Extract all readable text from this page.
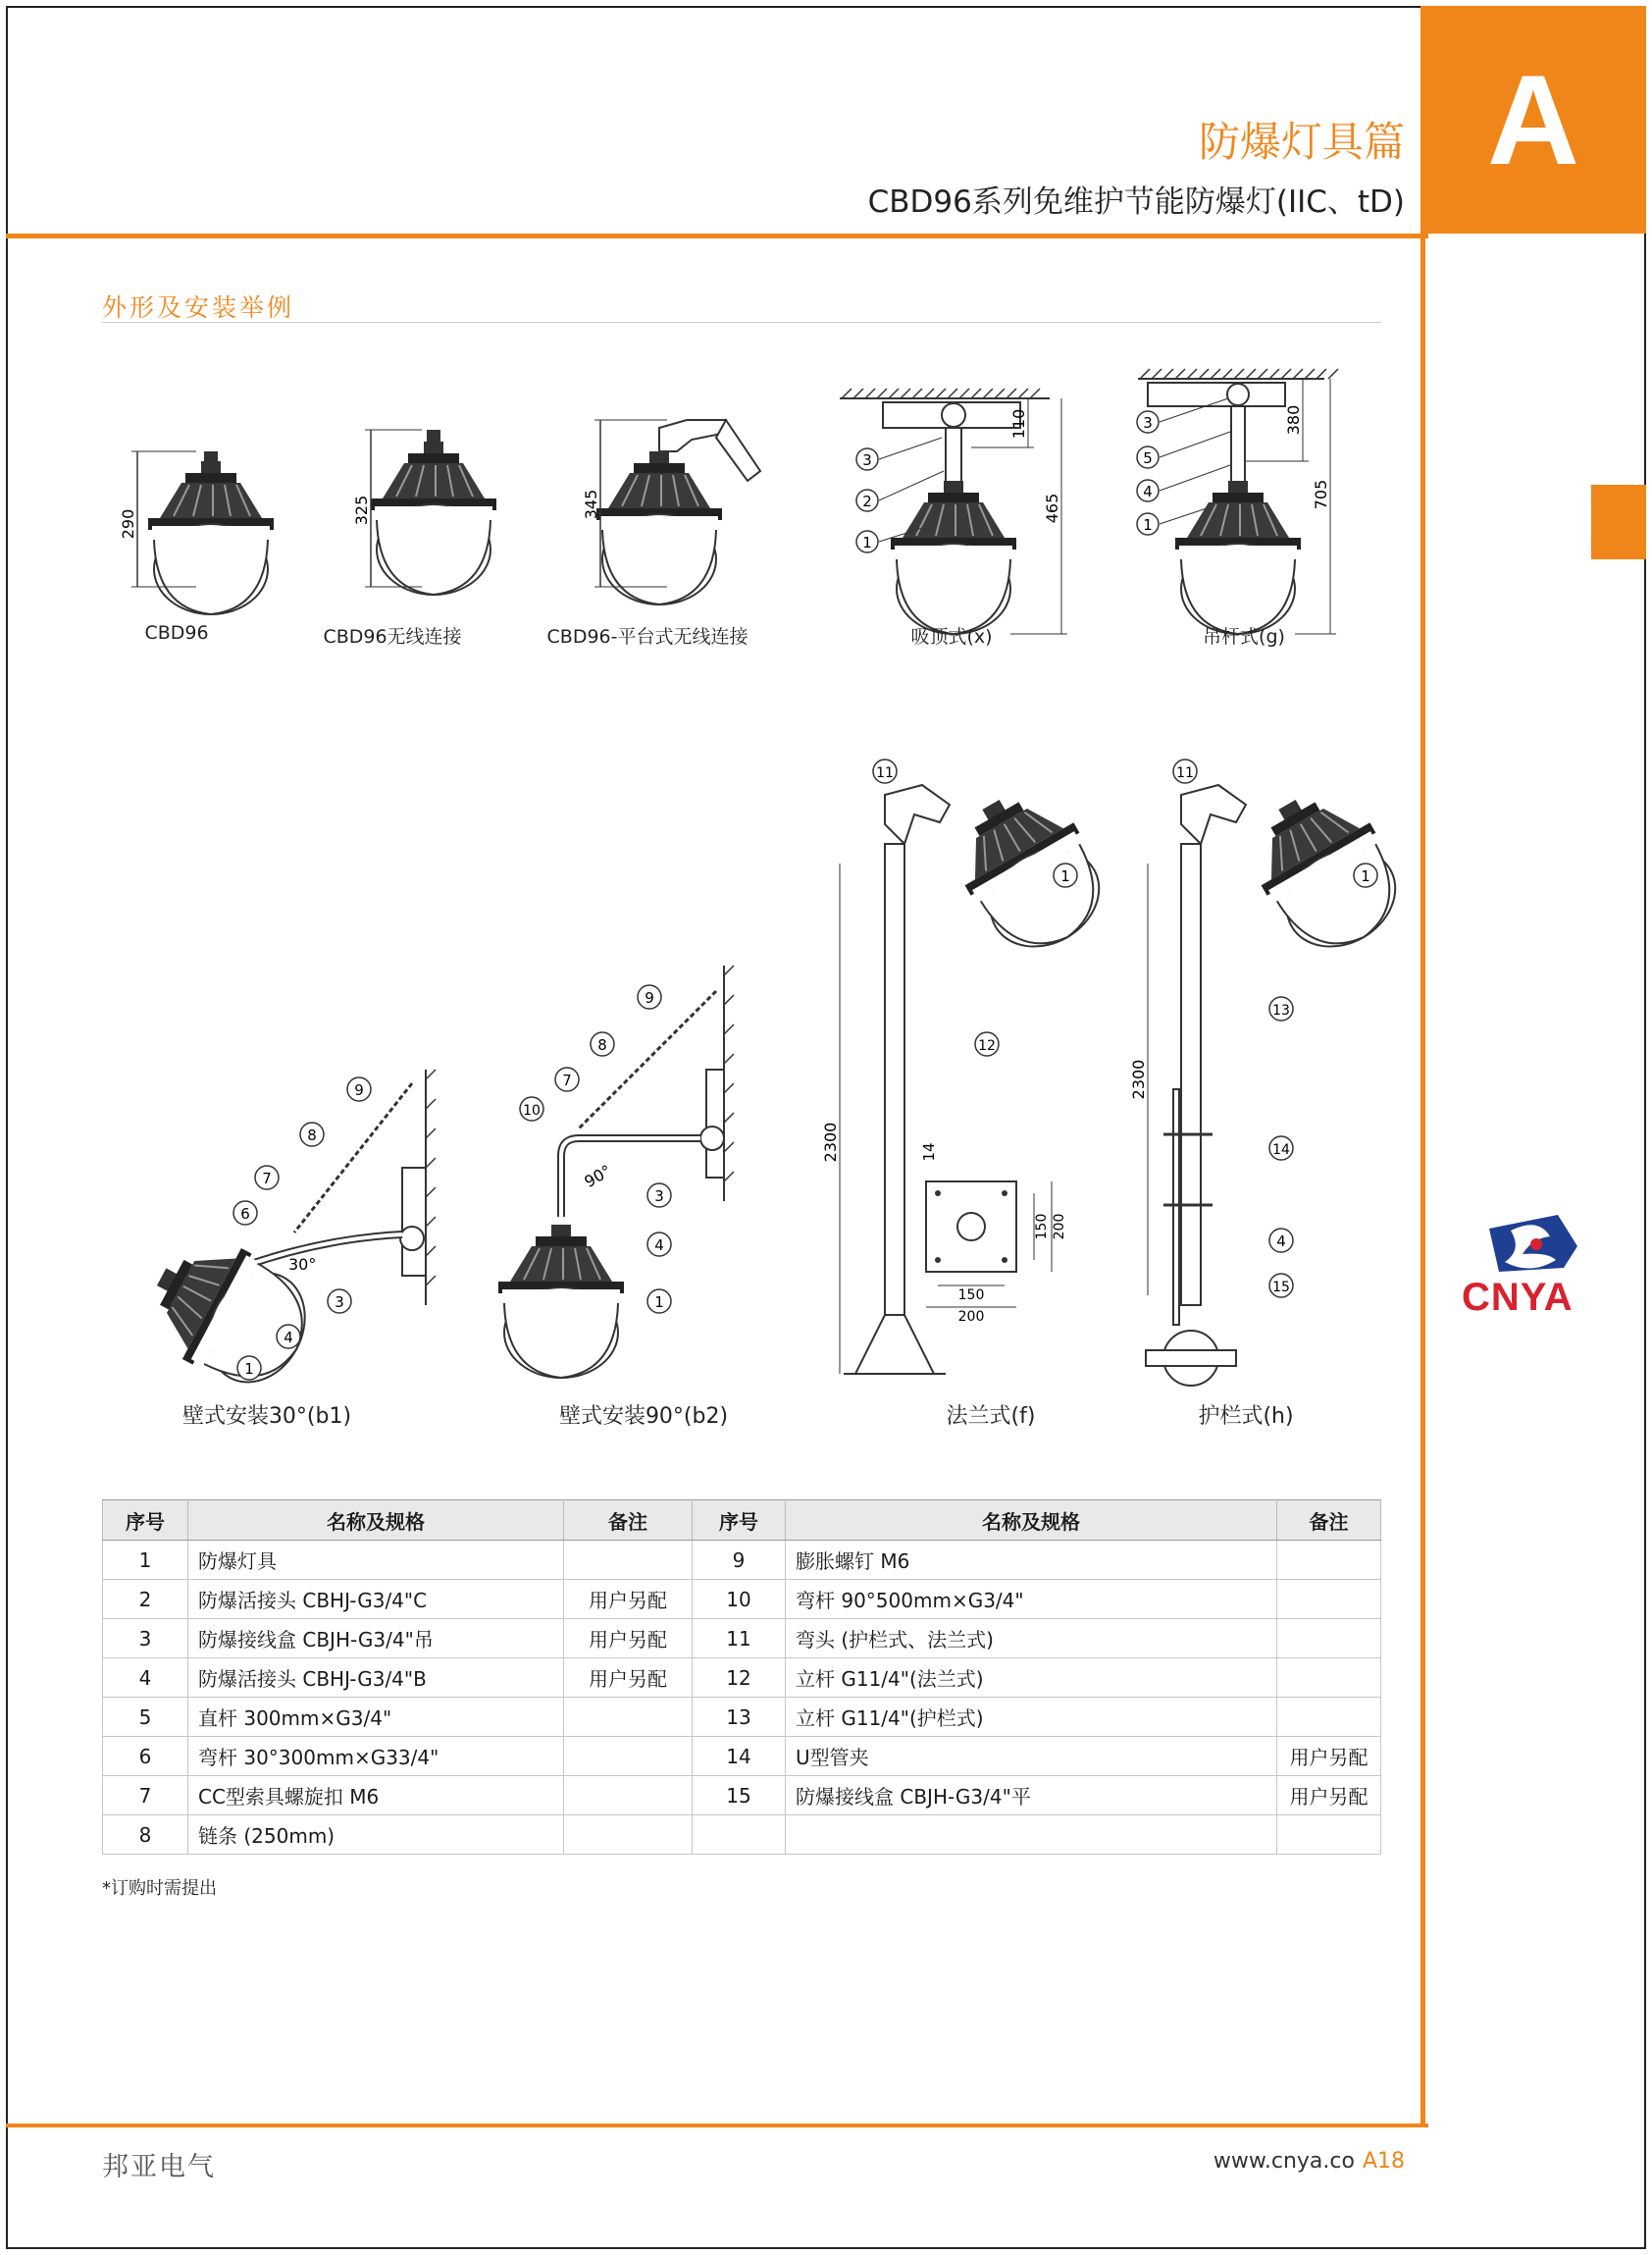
A
防爆灯具篇
CBD96系列免维护节能防爆灯(IIC、tD)
外形及安装举例
290	325	345
110
465
3
2
1
380
705
3
5
4
1
30°
9
8
7
6
3
4
1
90°
9
8
7
10
3
4
1
2300	14
150 200
150
200
11
1
12
2300
11
1
13
14
4
15
CBD96	CBD96无线连接	CBD96-平台式无线连接	吸顶式(x)	吊杆式(g)
壁式安装30°(b1)	壁式安装90°(b2)	法兰式(f)	护栏式(h)
CNYA
序号	名称及规格	备注	序号	名称及规格	备注
1	防爆灯具		9	膨胀螺钉 M6	
2	防爆活接头 CBHJ-G3/4"C	用户另配	10	弯杆 90°500mm×G3/4"	
3	防爆接线盒 CBJH-G3/4"吊	用户另配	11	弯头 (护栏式、法兰式)	
4	防爆活接头 CBHJ-G3/4"B	用户另配	12	立杆 G11/4"(法兰式)	
5	直杆 300mm×G3/4"		13	立杆 G11/4"(护栏式)	
6	弯杆 30°300mm×G33/4"		14	U型管夹	用户另配
7	CC型索具螺旋扣 M6		15	防爆接线盒 CBJH-G3/4"平	用户另配
8	链条 (250mm)				
*订购时需提出
邦亚电气	www.cnya.co A18
